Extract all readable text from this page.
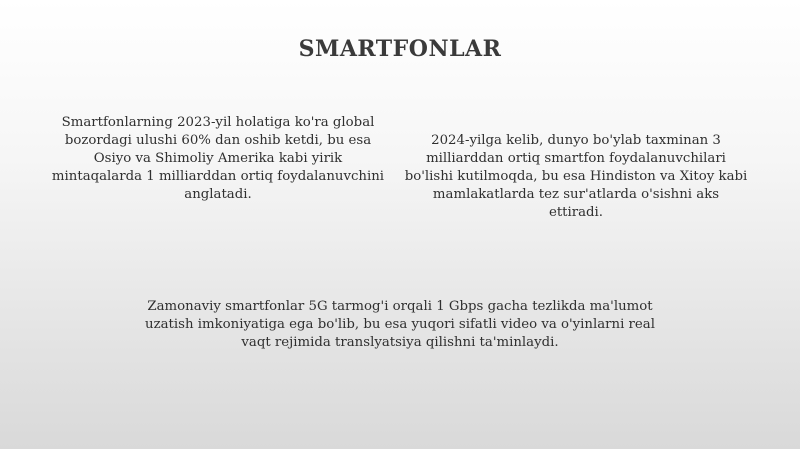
SMARTFONLAR

Smartfonlarning 2023-yil holatiga ko'ra global bozordagi ulushi 60% dan oshib ketdi, bu esa Osiyo va Shimoliy Amerika kabi yirik mintaqalarda 1 milliarddan ortiq foydalanuvchini anglatadi.

2024-yilga kelib, dunyo bo'ylab taxminan 3 milliarddan ortiq smartfon foydalanuvchilari bo'lishi kutilmoqda, bu esa Hindiston va Xitoy kabi mamlakatlarda tez sur'atlarda o'sishni aks ettiradi.

Zamonaviy smartfonlar 5G tarmog'i orqali 1 Gbps gacha tezlikda ma'lumot uzatish imkoniyatiga ega bo'lib, bu esa yuqori sifatli video va o'yinlarni real vaqt rejimida translyatsiya qilishni ta'minlaydi.
